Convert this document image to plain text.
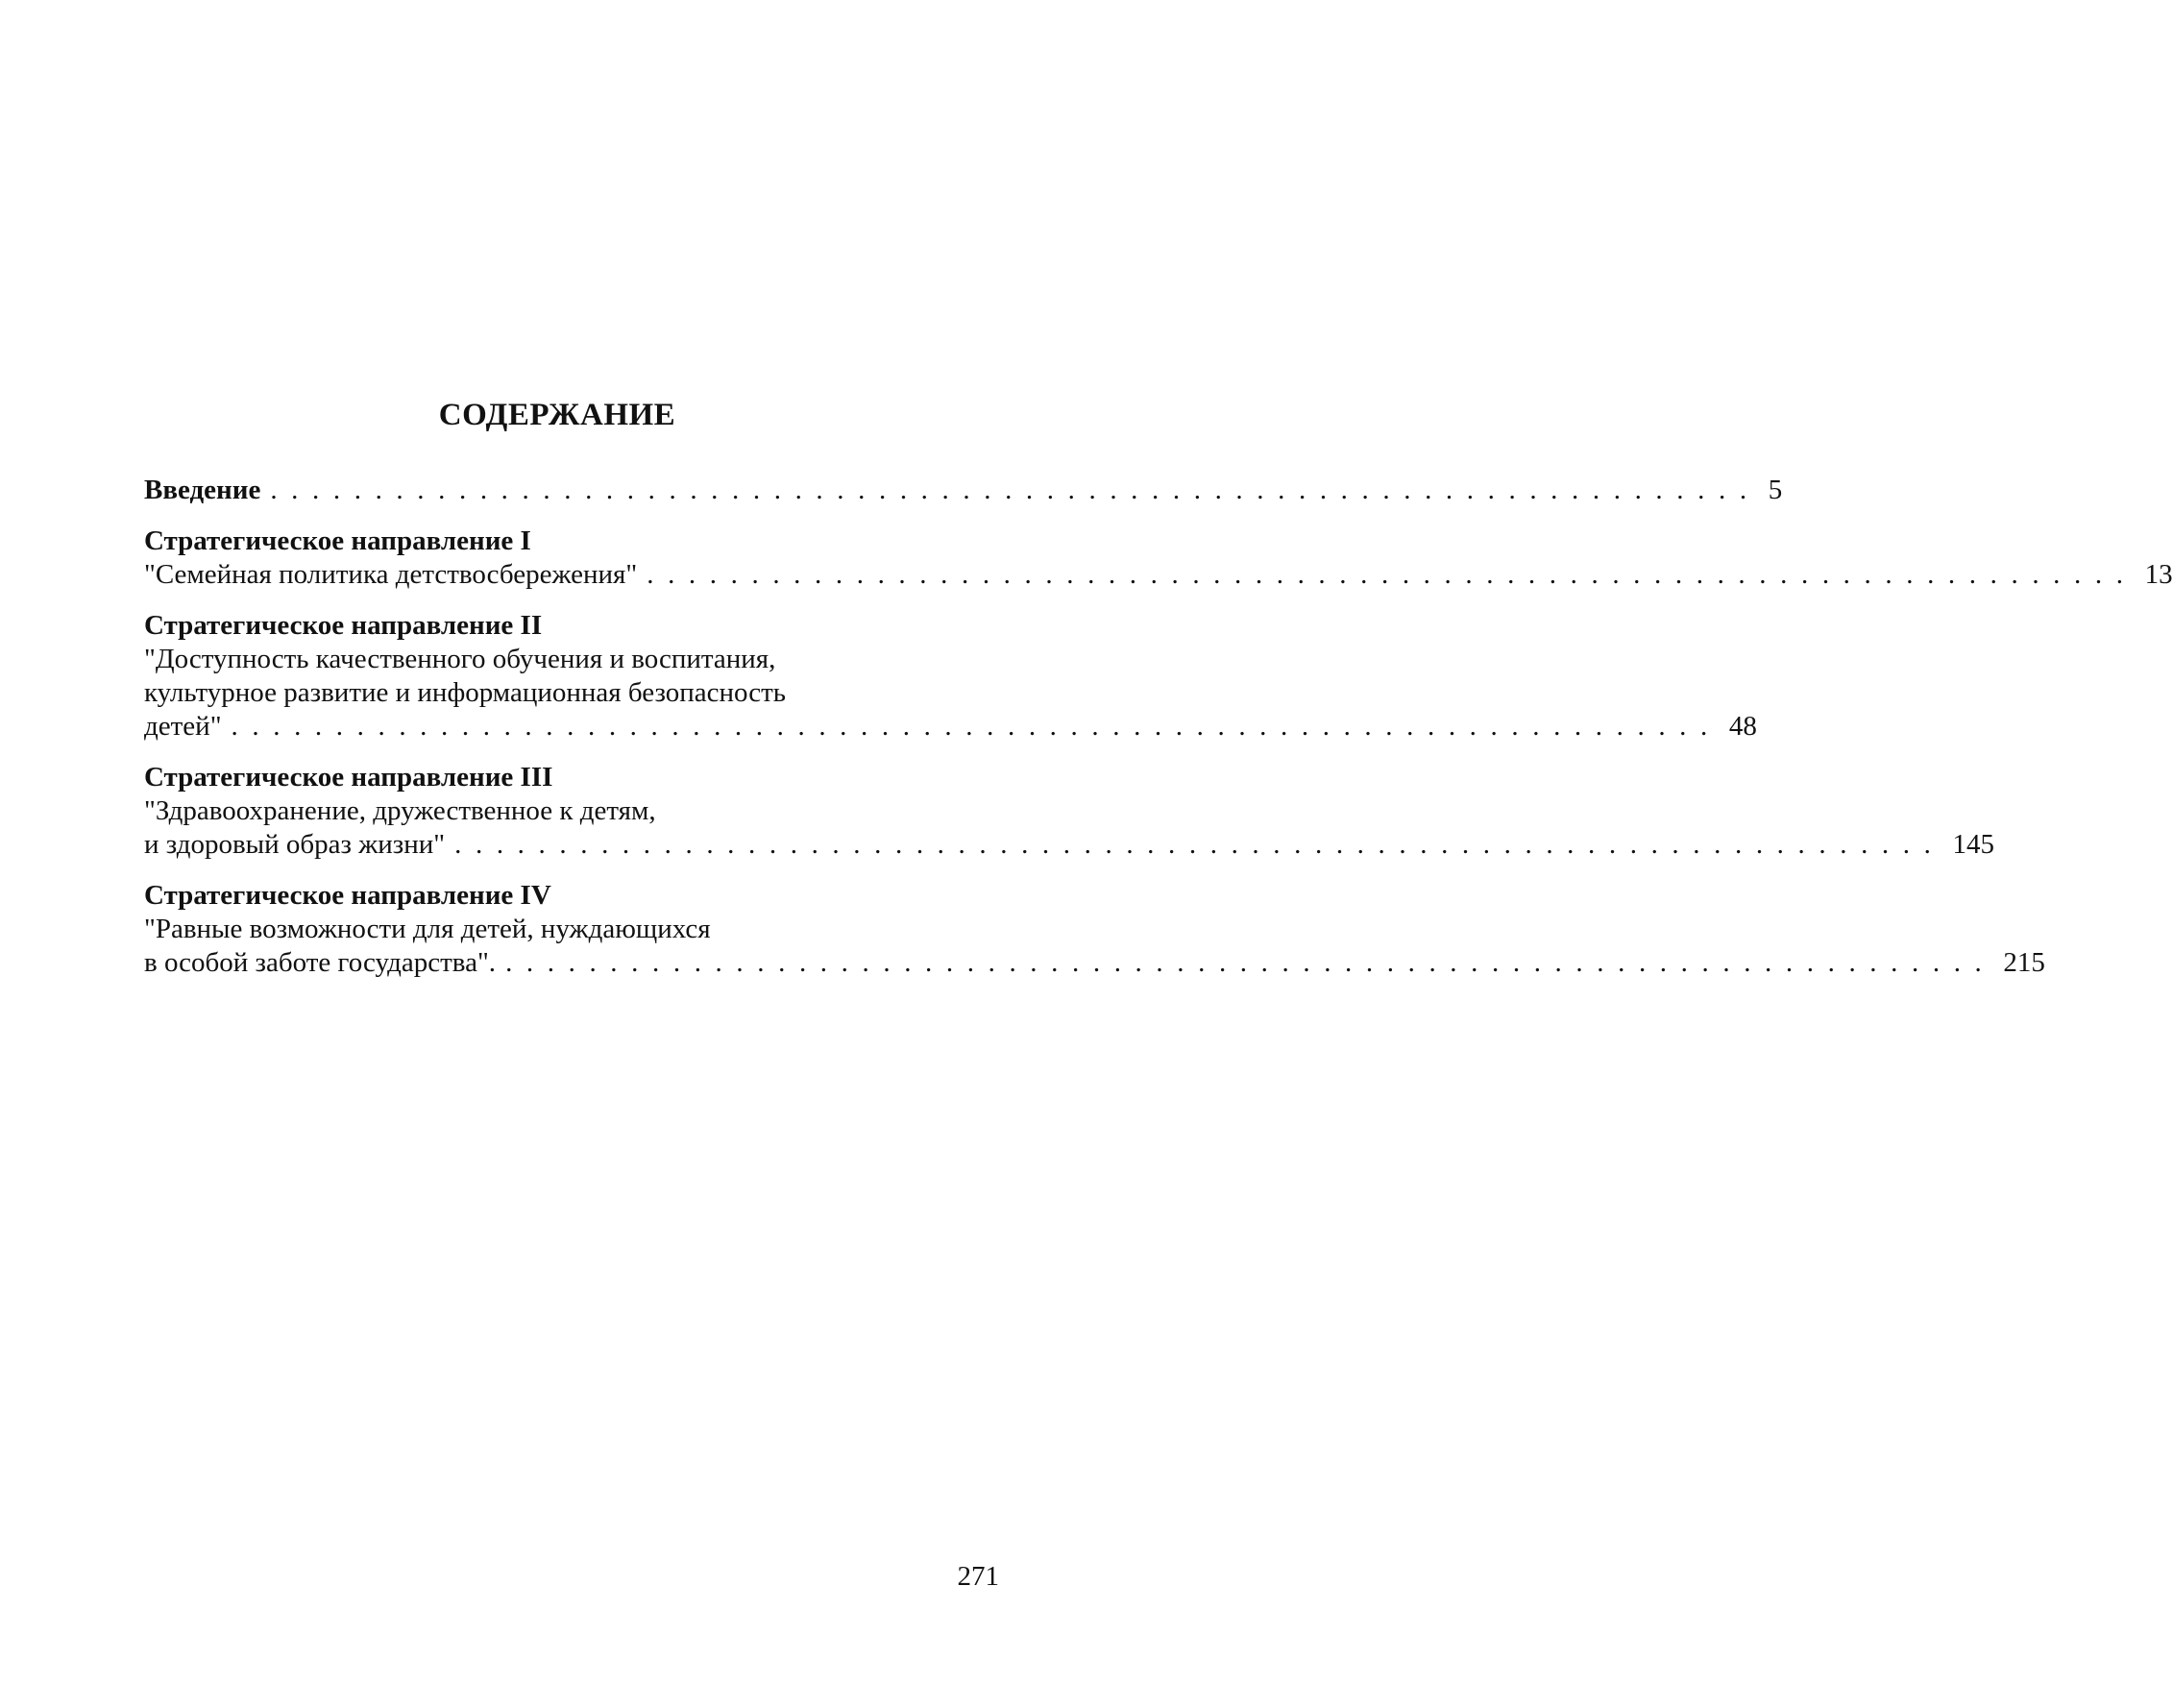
СОДЕРЖАНИЕ
Введение ....................................................................... 5
Стратегическое направление I
"Семейная политика детствосбережения" ....................................................................... 13
Стратегическое направление II
"Доступность качественного обучения и воспитания,
культурное развитие и информационная безопасность
детей" ....................................................................... 48
Стратегическое направление III
"Здравоохранение, дружественное к детям,
и здоровый образ жизни" ....................................................................... 145
Стратегическое направление IV
"Равные возможности для детей, нуждающихся
в особой заботе государства". ....................................................................... 215
271
